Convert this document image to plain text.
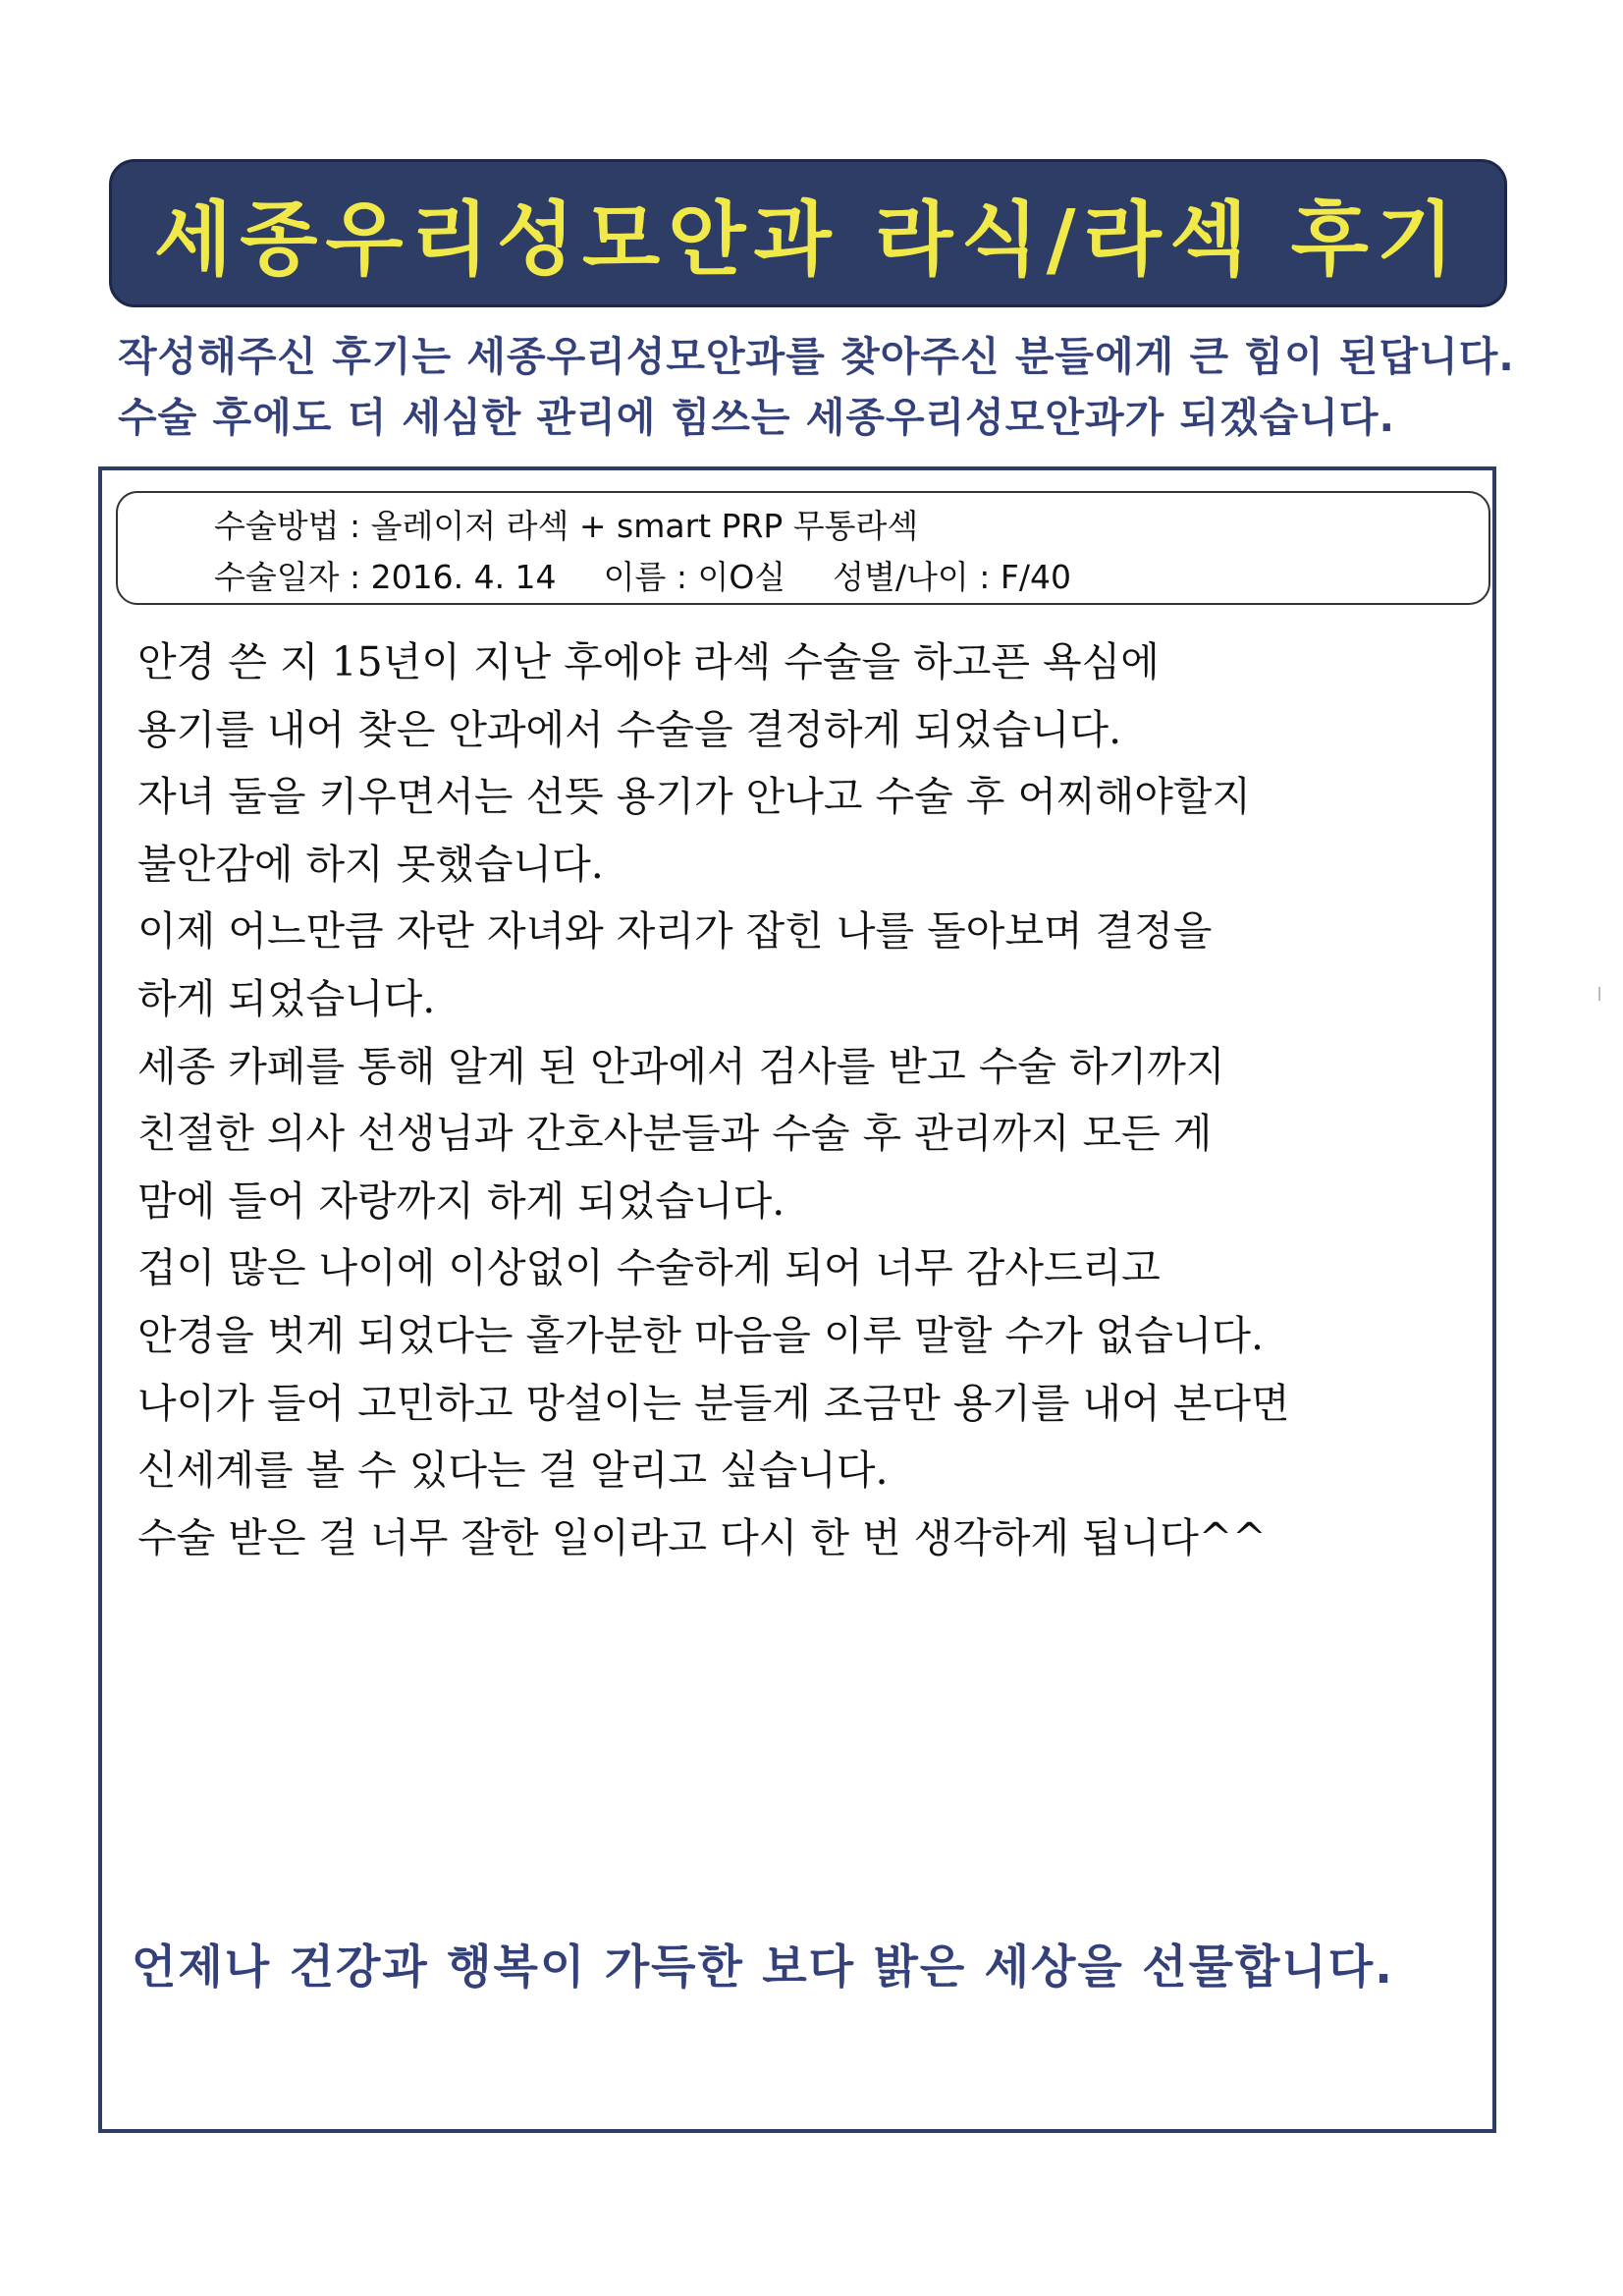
세종우리성모안과 라식/라섹 후기
작성해주신 후기는 세종우리성모안과를 찾아주신 분들에게 큰 힘이 된답니다.
수술 후에도 더 세심한 관리에 힘쓰는 세종우리성모안과가 되겠습니다.
수술방법 : 올레이저 라섹 + smart PRP 무통라섹
수술일자 : 2016. 4. 14 이름 : 이O실 성별/나이 : F/40
안경 쓴 지 15년이 지난 후에야 라섹 수술을 하고픈 욕심에
용기를 내어 찾은 안과에서 수술을 결정하게 되었습니다.
자녀 둘을 키우면서는 선뜻 용기가 안나고 수술 후 어찌해야할지
불안감에 하지 못했습니다.
이제 어느만큼 자란 자녀와 자리가 잡힌 나를 돌아보며 결정을
하게 되었습니다.
세종 카페를 통해 알게 된 안과에서 검사를 받고 수술 하기까지
친절한 의사 선생님과 간호사분들과 수술 후 관리까지 모든 게
맘에 들어 자랑까지 하게 되었습니다.
겁이 많은 나이에 이상없이 수술하게 되어 너무 감사드리고
안경을 벗게 되었다는 홀가분한 마음을 이루 말할 수가 없습니다.
나이가 들어 고민하고 망설이는 분들게 조금만 용기를 내어 본다면
신세계를 볼 수 있다는 걸 알리고 싶습니다.
수술 받은 걸 너무 잘한 일이라고 다시 한 번 생각하게 됩니다^^
언제나 건강과 행복이 가득한 보다 밝은 세상을 선물합니다.
